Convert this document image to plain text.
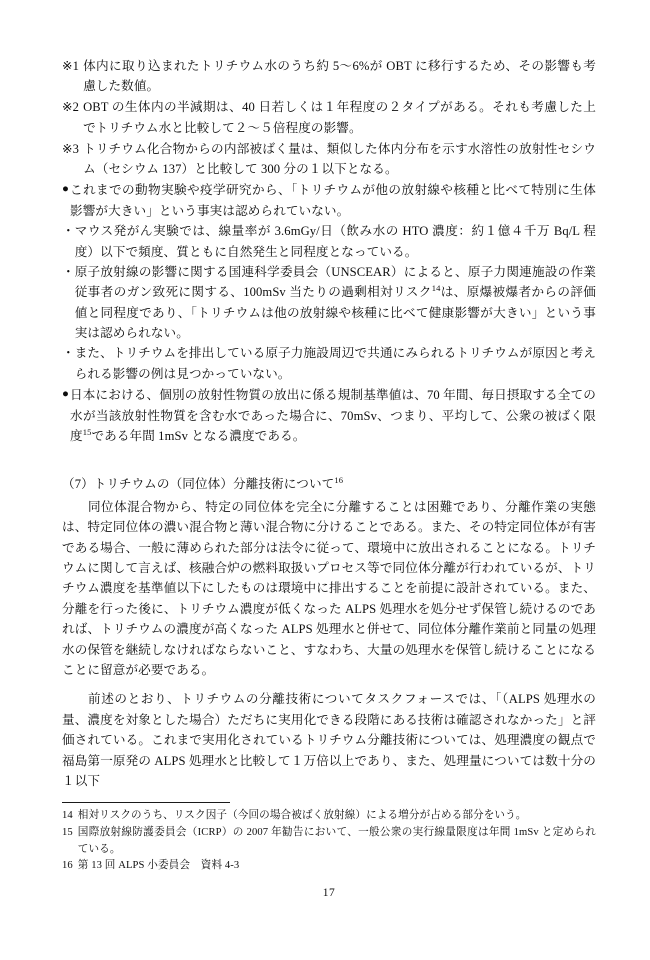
※1 体内に取り込まれたトリチウム水のうち約 5～6%が OBT に移行するため、その影響も考慮した数値。
※2 OBT の生体内の半減期は、40 日若しくは１年程度の２タイプがある。それも考慮した上でトリチウム水と比較して２～５倍程度の影響。
※3 トリチウム化合物からの内部被ばく量は、類似した体内分布を示す水溶性の放射性セシウム（セシウム 137）と比較して 300 分の１以下となる。
● これまでの動物実験や疫学研究から、「トリチウムが他の放射線や核種と比べて特別に生体影響が大きい」という事実は認められていない。
・ マウス発がん実験では、線量率が 3.6mGy/日（飲み水の HTO 濃度：約１億４千万 Bq/L 程度）以下で頻度、質ともに自然発生と同程度となっている。
・ 原子放射線の影響に関する国連科学委員会（UNSCEAR）によると、原子力関連施設の作業従事者のガン致死に関する、100mSv 当たりの過剰相対リスク$^{14}$は、原爆被爆者からの評価値と同程度であり、「トリチウムは他の放射線や核種に比べて健康影響が大きい」という事実は認められない。
・ また、トリチウムを排出している原子力施設周辺で共通にみられるトリチウムが原因と考えられる影響の例は見つかっていない。
● 日本における、個別の放射性物質の放出に係る規制基準値は、70 年間、毎日摂取する全ての水が当該放射性物質を含む水であった場合に、70mSv、つまり、平均して、公衆の被ばく限度$^{15}$である年間 1mSv となる濃度である。

（7）トリチウムの（同位体）分離技術について$^{16}$

同位体混合物から、特定の同位体を完全に分離することは困難であり、分離作業の実態は、特定同位体の濃い混合物と薄い混合物に分けることである。また、その特定同位体が有害である場合、一般に薄められた部分は法令に従って、環境中に放出されることになる。トリチウムに関して言えば、核融合炉の燃料取扱いプロセス等で同位体分離が行われているが、トリチウム濃度を基準値以下にしたものは環境中に排出することを前提に設計されている。また、分離を行った後に、トリチウム濃度が低くなった ALPS 処理水を処分せず保管し続けるのであれば、トリチウムの濃度が高くなった ALPS 処理水と併せて、同位体分離作業前と同量の処理水の保管を継続しなければならないこと、すなわち、大量の処理水を保管し続けることになることに留意が必要である。

前述のとおり、トリチウムの分離技術についてタスクフォースでは、「（ALPS 処理水の量、濃度を対象とした場合）ただちに実用化できる段階にある技術は確認されなかった」と評価されている。これまで実用化されているトリチウム分離技術については、処理濃度の観点で福島第一原発の ALPS 処理水と比較して１万倍以上であり、また、処理量については数十分の１以下

14 相対リスクのうち、リスク因子（今回の場合被ばく放射線）による増分が占める部分をいう。
15 国際放射線防護委員会（ICRP）の 2007 年勧告において、一般公衆の実行線量限度は年間 1mSv と定められている。
16 第 13 回 ALPS 小委員会　資料 4-3
17
